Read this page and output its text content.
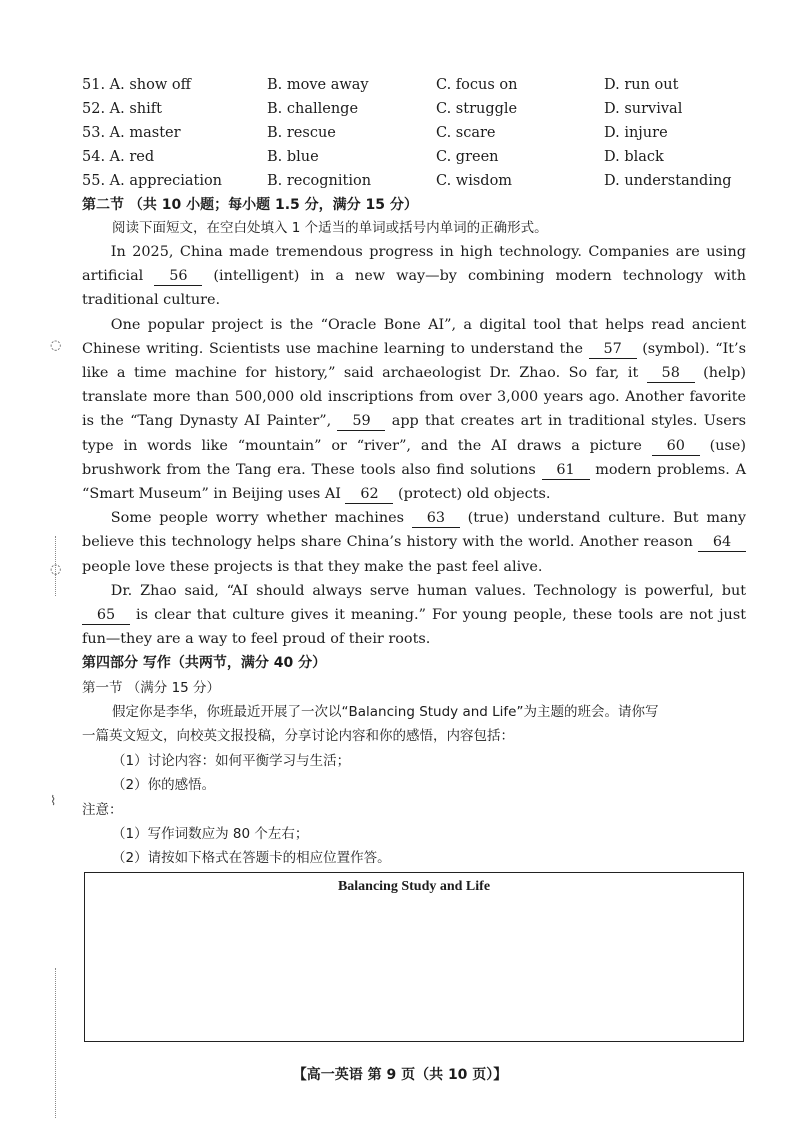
◌
◌
⌇
51. A. show off	B. move away	C. focus on	D. run out
52. A. shift	B. challenge	C. struggle	D. survival
53. A. master	B. rescue	C. scare	D. injure
54. A. red	B. blue	C. green	D. black
55. A. appreciation	B. recognition	C. wisdom	D. understanding
第二节 （共 10 小题；每小题 1.5 分，满分 15 分）
阅读下面短文，在空白处填入 1 个适当的单词或括号内单词的正确形式。

In 2025, China made tremendous progress in high technology. Companies are using artificial 56 (intelligent) in a new way—by combining modern technology with traditional culture.

One popular project is the “Oracle Bone AI”, a digital tool that helps read ancient Chinese writing. Scientists use machine learning to understand the 57 (symbol). “It’s like a time machine for history,” said archaeologist Dr. Zhao. So far, it 58 (help) translate more than 500,000 old inscriptions from over 3,000 years ago. Another favorite is the “Tang Dynasty AI Painter”, 59 app that creates art in traditional styles. Users type in words like “mountain” or “river”, and the AI draws a picture 60 (use) brushwork from the Tang era. These tools also find solutions 61 modern problems. A “Smart Museum” in Beijing uses AI 62 (protect) old objects.

Some people worry whether machines 63 (true) understand culture. But many believe this technology helps share China’s history with the world. Another reason 64 people love these projects is that they make the past feel alive.

Dr. Zhao said, “AI should always serve human values. Technology is powerful, but 65 is clear that culture gives it meaning.” For young people, these tools are not just fun—they are a way to feel proud of their roots.

第四部分 写作（共两节，满分 40 分）
第一节 （满分 15 分）
假定你是李华，你班最近开展了一次以“Balancing Study and Life”为主题的班会。请你写
一篇英文短文，向校英文报投稿，分享讨论内容和你的感悟，内容包括：
（1）讨论内容：如何平衡学习与生活；
（2）你的感悟。
注意：
（1）写作词数应为 80 个左右；
（2）请按如下格式在答题卡的相应位置作答。
Balancing Study and Life
【高一英语 第 9 页（共 10 页）】
